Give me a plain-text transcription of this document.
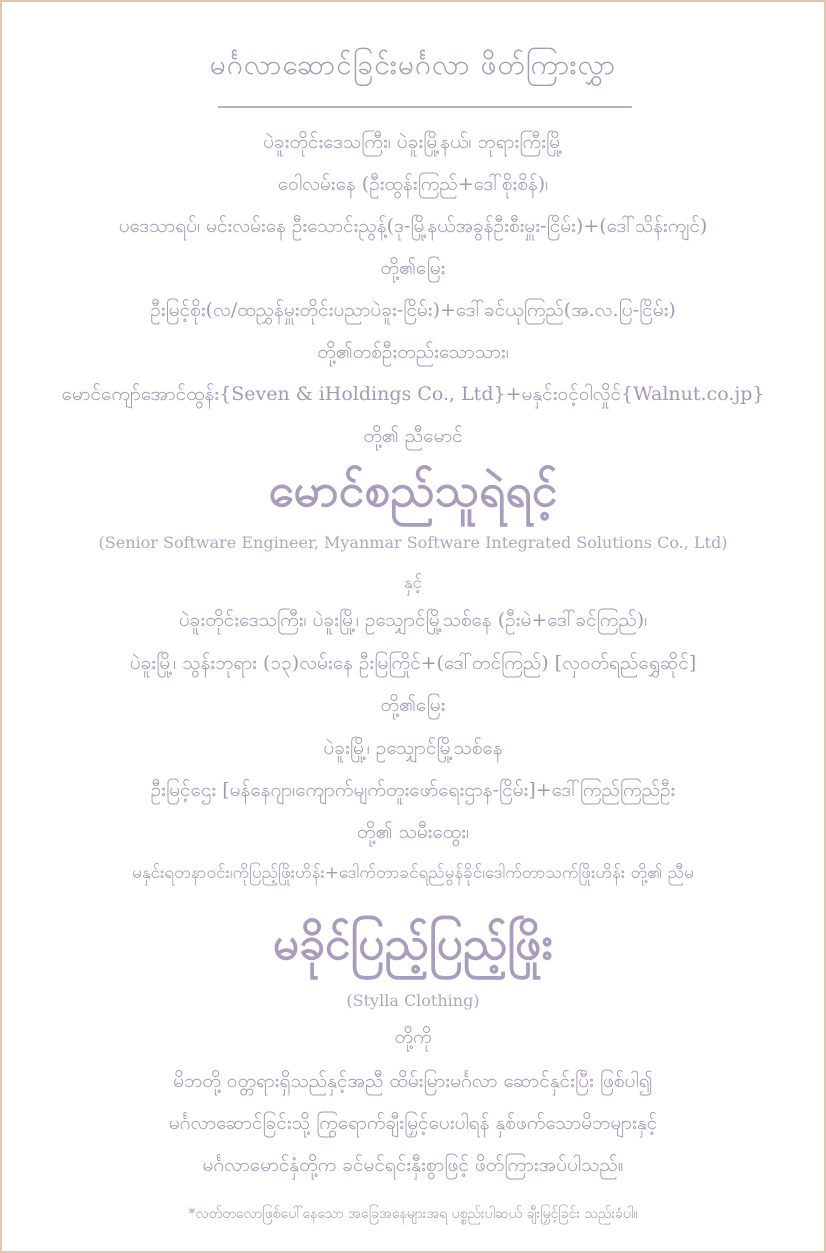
မင်္ဂလာဆောင်ခြင်းမင်္ဂလာ ဖိတ်ကြားလွှာ
ပဲခူးတိုင်းဒေသကြီး၊ ပဲခူးမြို့နယ်၊ ဘုရားကြီးမြို့
ဝေါလမ်းနေ (ဦးထွန်းကြည်+ဒေါ်စိုးစိန်)၊
ပဒေသာရပ်၊ မင်းလမ်းနေ ဦးသောင်းညွန့်(ဒု-မြို့နယ်အခွန်ဦးစီးမှူး-ငြိမ်း)+(ဒေါ်သိန်းကျင်)
တို့၏မြေး
ဦးမြင့်စိုး(လ/ထညွှန်မှူးတိုင်းပညာပဲခူး-ငြိမ်း)+ဒေါ်ခင်ယုကြည်(အ.လ.ပြ-ငြိမ်း)
တို့၏တစ်ဦးတည်းသောသား၊
မောင်ကျော်အောင်ထွန်း{Seven & iHoldings Co., Ltd}+မနှင်းဝင့်ဝါလှိုင်{Walnut.co.jp}
တို့၏ ညီမောင်
မောင်စည်သူရဲရင့်
(Senior Software Engineer, Myanmar Software Integrated Solutions Co., Ltd)
နှင့်
ပဲခူးတိုင်းဒေသကြီး၊ ပဲခူးမြို့၊ ဥသျှောင်မြို့သစ်နေ (ဦးမဲ+ဒေါ်ခင်ကြည်)၊
ပဲခူးမြို့၊ သွန်းဘုရား (၁၃)လမ်းနေ ဦးမြကြိုင်+(ဒေါ်တင်ကြည်) [လှဝတ်ရည်ရွှေဆိုင်]
တို့၏မြေး
ပဲခူးမြို့၊ ဥသျှောင်မြို့သစ်နေ
ဦးမြင့်ဌေး [မန်နေဂျာ၊ကျောက်မျက်တူးဖော်ရေးဌာန-ငြိမ်း]+ဒေါ်ကြည်ကြည်ဦး
တို့၏ သမီးထွေး၊
မနှင်းရတနာဝင်း၊ကိုပြည့်ဖြိုးဟိန်း+ဒေါက်တာခင်ရည်မွန်ခိုင်၊ဒေါက်တာသက်ဖြိုးဟိန်း တို့၏ ညီမ
မခိုင်ပြည့်ပြည့်ဖြိုး
(Stylla Clothing)
တို့ကို
မိဘတို့ ဝတ္တရားရှိသည်နှင့်အညီ ထိမ်းမြားမင်္ဂလာ ဆောင်နှင်းပြီး ဖြစ်ပါ၍
မင်္ဂလာဆောင်ခြင်းသို့ ကြွရောက်ချီးမြှင့်ပေးပါရန် နှစ်ဖက်သောမိဘများနှင့်
မင်္ဂလာမောင်နှံတို့က ခင်မင်ရင်းနှီးစွာဖြင့် ဖိတ်ကြားအပ်ပါသည်။
*လတ်တလောဖြစ်ပေါ်နေသော အခြေအနေများအရ ပစ္စည်းပါဆယ် ချီးမြှင့်ခြင်း သည်းခံပါ။
